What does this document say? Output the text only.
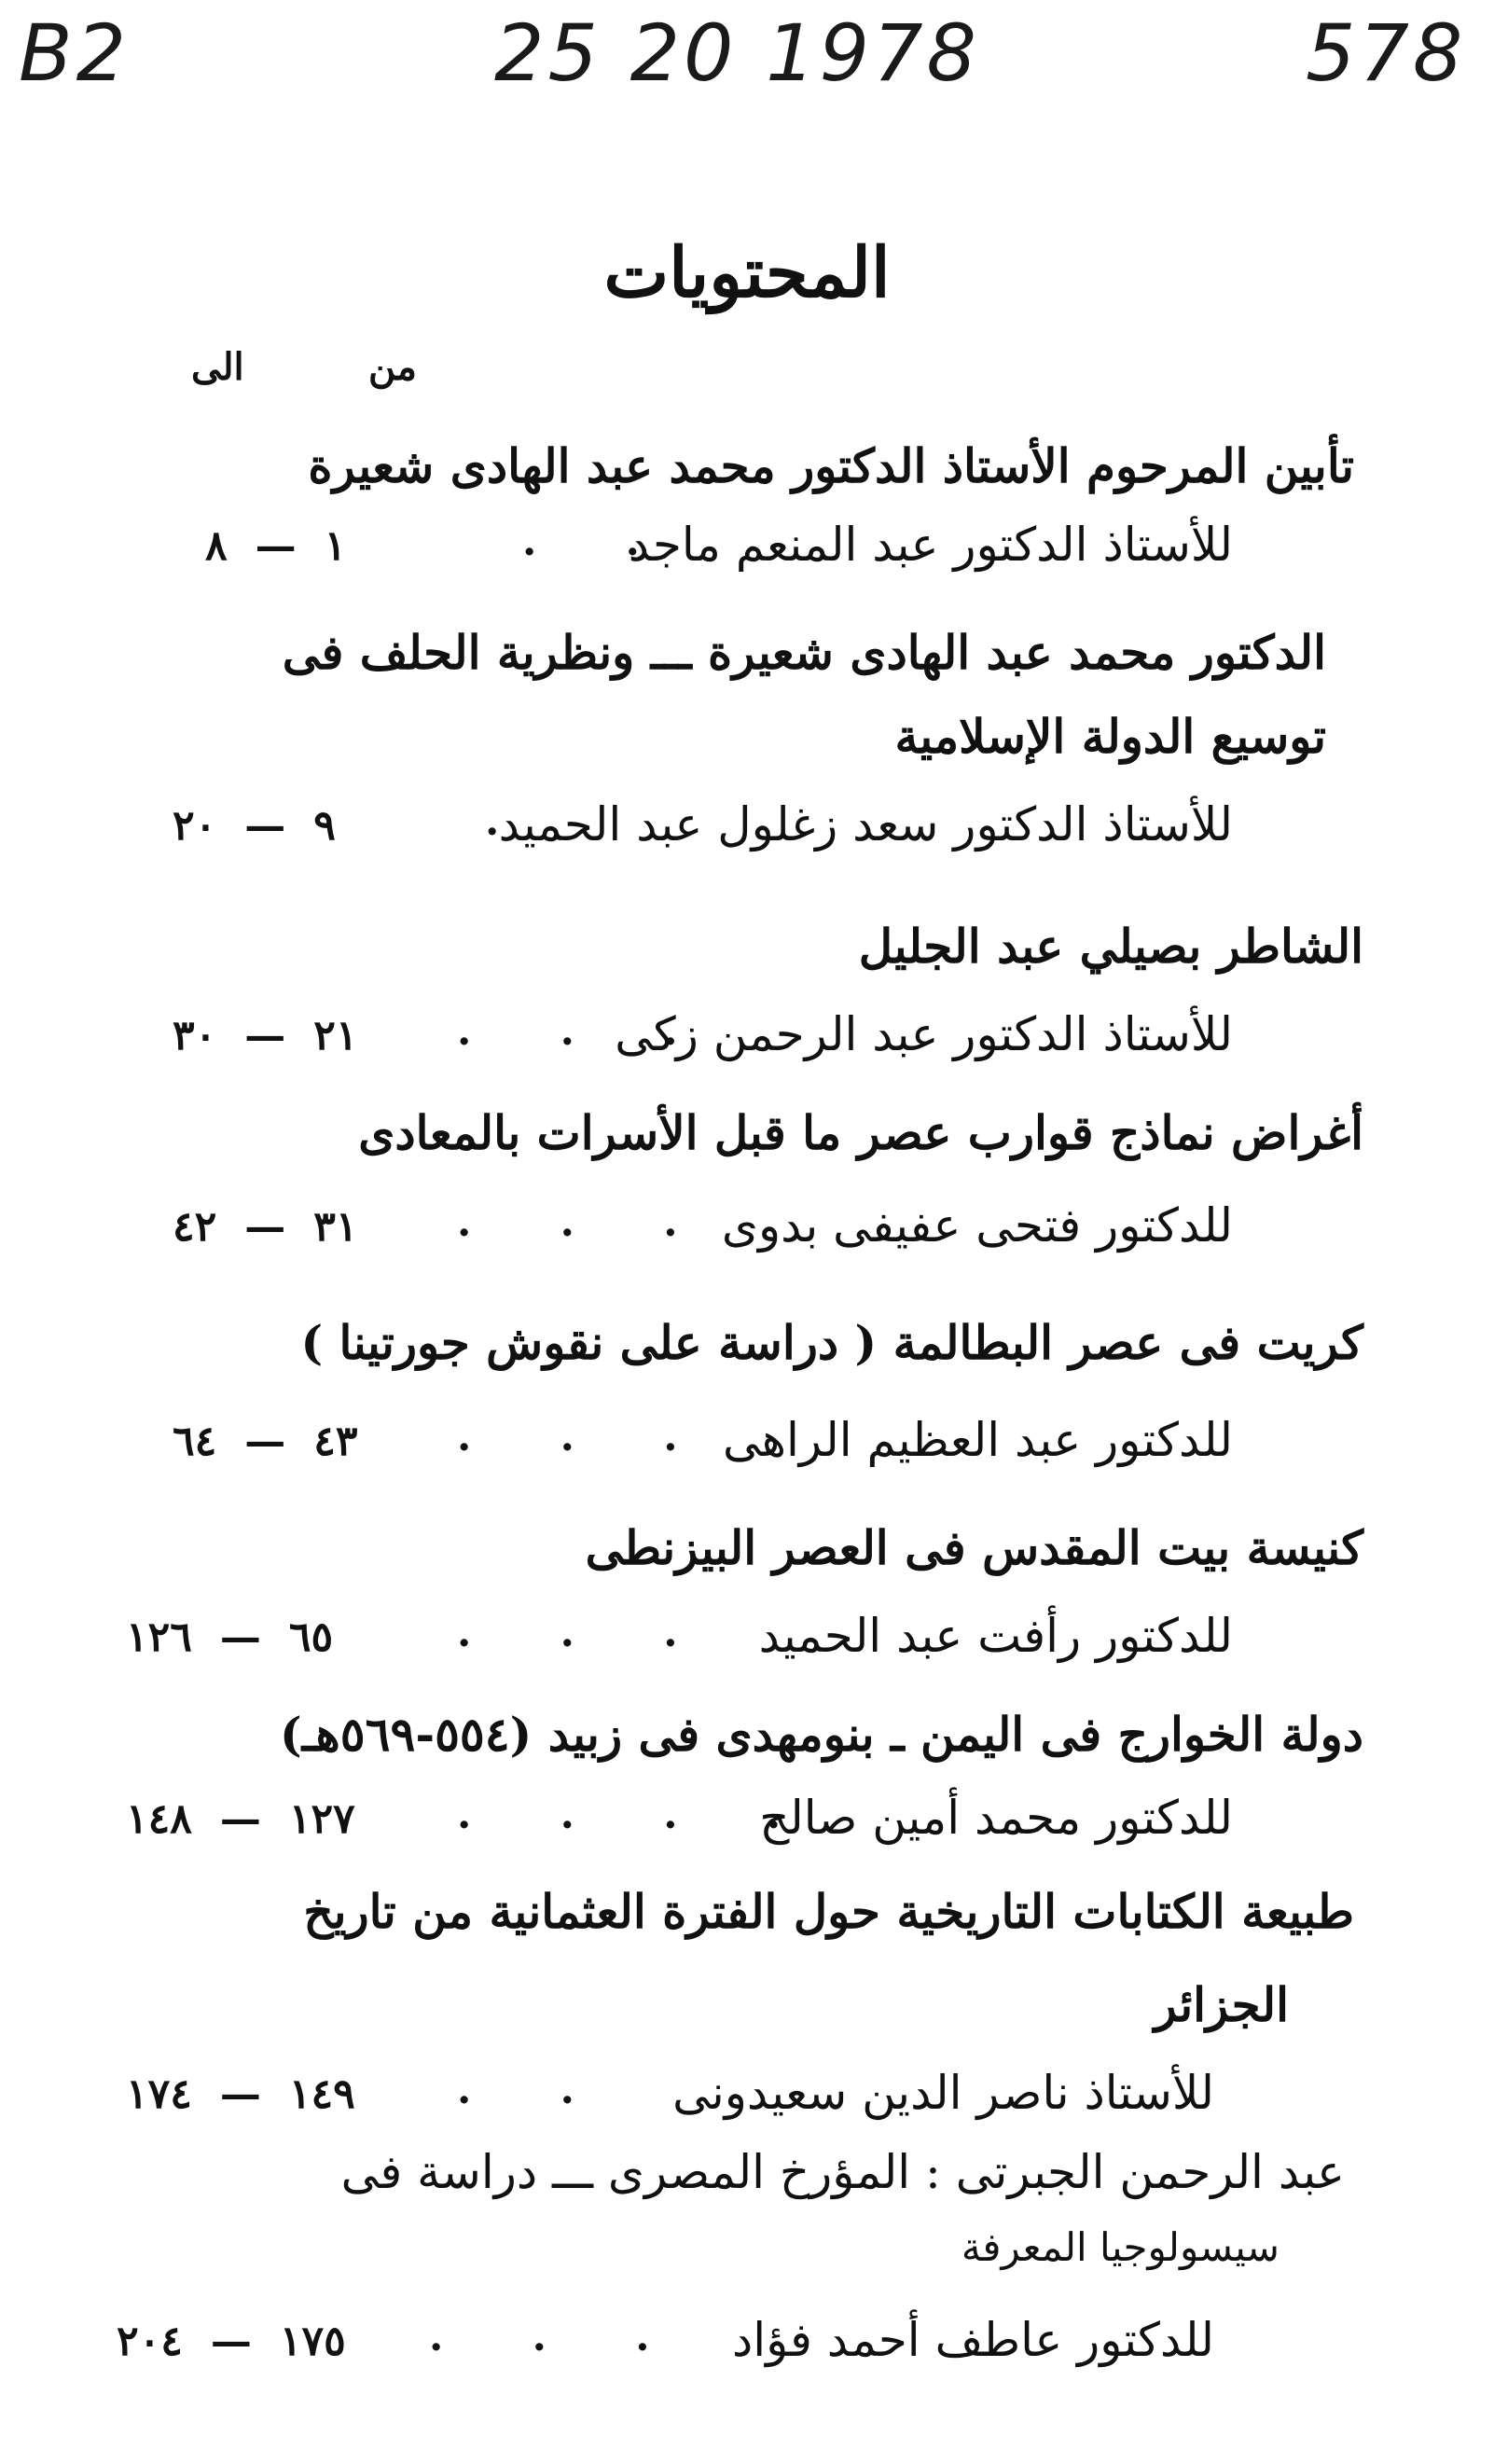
B2	25 20 1978	578
المحتويات
من
الى
تأبين المرحوم الأستاذ الدكتور محمد عبد الهادى شعيرة
للأستاذ الدكتور عبد المنعم ماجد
٨ — ١
الدكتور محمد عبد الهادى شعيرة ـــ ونظرية الحلف فى
توسيع الدولة الإسلامية
للأستاذ الدكتور سعد زغلول عبد الحميد
٢٠ — ٩
الشاطر بصيلي عبد الجليل
للأستاذ الدكتور عبد الرحمن زكى
٣٠ — ٢١
أغراض نماذج قوارب عصر ما قبل الأسرات بالمعادى
للدكتور فتحى عفيفى بدوى
٤٢ — ٣١
كريت فى عصر البطالمة ( دراسة على نقوش جورتينا )
للدكتور عبد العظيم الراهى
٦٤ — ٤٣
كنيسة بيت المقدس فى العصر البيزنطى
للدكتور رأفت عبد الحميد
١٢٦ — ٦٥
دولة الخوارج فى اليمن ـ بنومهدى فى زبيد (٥٥٤-٥٦٩هـ)
للدكتور محمد أمين صالح
١٤٨ — ١٢٧
طبيعة الكتابات التاريخية حول الفترة العثمانية من تاريخ
الجزائر
للأستاذ ناصر الدين سعيدونى
١٧٤ — ١٤٩
عبد الرحمن الجبرتى : المؤرخ المصرى ـــ دراسة فى
سيسولوجيا المعرفة
للدكتور عاطف أحمد فؤاد
٢٠٤ — ١٧٥
. .
.
. . .
. . .
. . .
. . .
. . . .
. .
. . .
